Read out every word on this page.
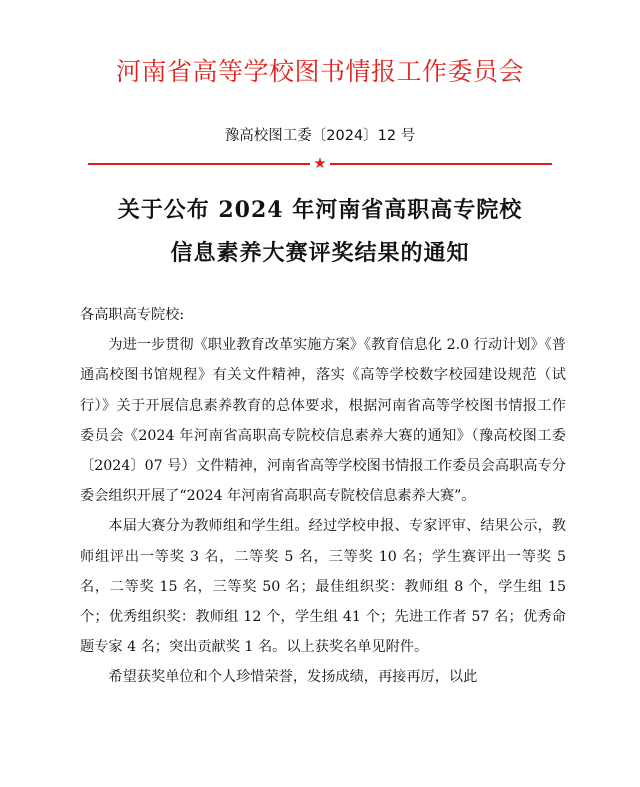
河南省高等学校图书情报工作委员会
豫高校图工委〔2024〕12 号
★
关于公布 2024 年河南省高职高专院校
信息素养大赛评奖结果的通知

各高职高专院校:

为进一步贯彻《职业教育改革实施方案》《教育信息化 2.0 行动计划》《普通高校图书馆规程》有关文件精神，落实《高等学校数字校园建设规范（试行）》关于开展信息素养教育的总体要求，根据河南省高等学校图书情报工作委员会《2024 年河南省高职高专院校信息素养大赛的通知》（豫高校图工委〔2024〕07 号）文件精神，河南省高等学校图书情报工作委员会高职高专分委会组织开展了“2024 年河南省高职高专院校信息素养大赛”。

本届大赛分为教师组和学生组。经过学校申报、专家评审、结果公示，教师组评出一等奖 3 名，二等奖 5 名，三等奖 10 名；学生赛评出一等奖 5 名，二等奖 15 名，三等奖 50 名；最佳组织奖：教师组 8 个，学生组 15 个；优秀组织奖：教师组 12 个，学生组 41 个；先进工作者 57 名；优秀命题专家 4 名；突出贡献奖 1 名。以上获奖名单见附件。

希望获奖单位和个人珍惜荣誉，发扬成绩，再接再厉，以此
